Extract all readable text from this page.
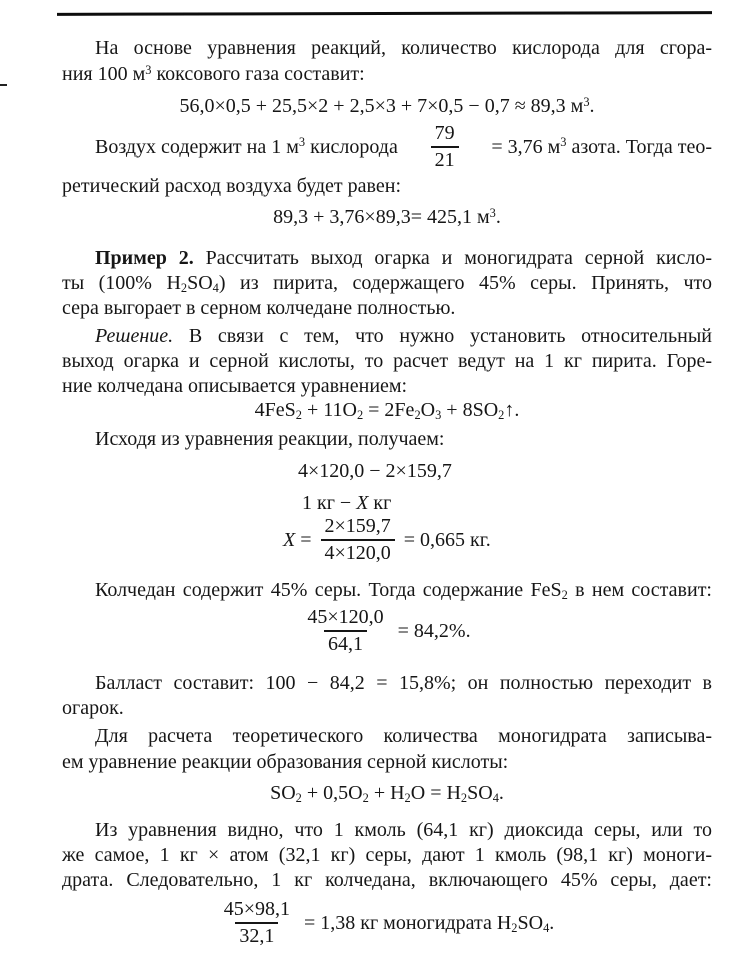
На основе уравнения реакций, количество кислорода для сгора-
ния 100 $м^3$ коксового газа составит:
56,0×0,5 + 25,5×2 + 2,5×3 + 7×0,5 − 0,7 ≈ 89,3 $м^3$.
Воздух содержит на 1 $м^3$ кислорода $\frac{79}{21} = 3,76$ $м^3$ азота. Тогда тео-
ретический расход воздуха будет равен:
89,3 + 3,76×89,3= 425,1 $м^3$.
Пример 2. Рассчитать выход огарка и моногидрата серной кисло-
ты (100% $H_2SO_4$) из пирита, содержащего 45% серы. Принять, что
сера выгорает в серном колчедане полностью.
Решение. В связи с тем, что нужно установить относительный
выход огарка и серной кислоты, то расчет ведут на 1 кг пирита. Горе-
ние колчедана описывается уравнением:
$4FeS_2 + 11O_2 = 2Fe_2O_3$ + $8SO_2↑$.
Исходя из уравнения реакции, получаем:
4×120,0 − 2×159,7
1 кг − X кг
$X = \frac{2\times 159,7}{4\times 120,0} = 0,665$ кг.
Колчедан содержит 45% серы. Тогда содержание FeS$_2$ в нем составит:
$\frac{45\times 120,0}{64,1} = 84,2\%$.
Балласт составит: 100 − 84,2 = 15,8%; он полностью переходит в
огарок.
Для расчета теоретического количества моногидрата записыва-
ем уравнение реакции образования серной кислоты:
$SO_2 + 0,5O_2 + H_2O = H_2SO_4$.
Из уравнения видно, что 1 кмоль (64,1 кг) диоксида серы, или то
же самое, 1 кг × атом (32,1 кг) серы, дают 1 кмоль (98,1 кг) моноги-
драта. Следовательно, 1 кг колчедана, включающего 45% серы, дает:
$\frac{45\times 98,1}{32,1} = 1,38$ кг моногидрата $H_2SO_4$.
